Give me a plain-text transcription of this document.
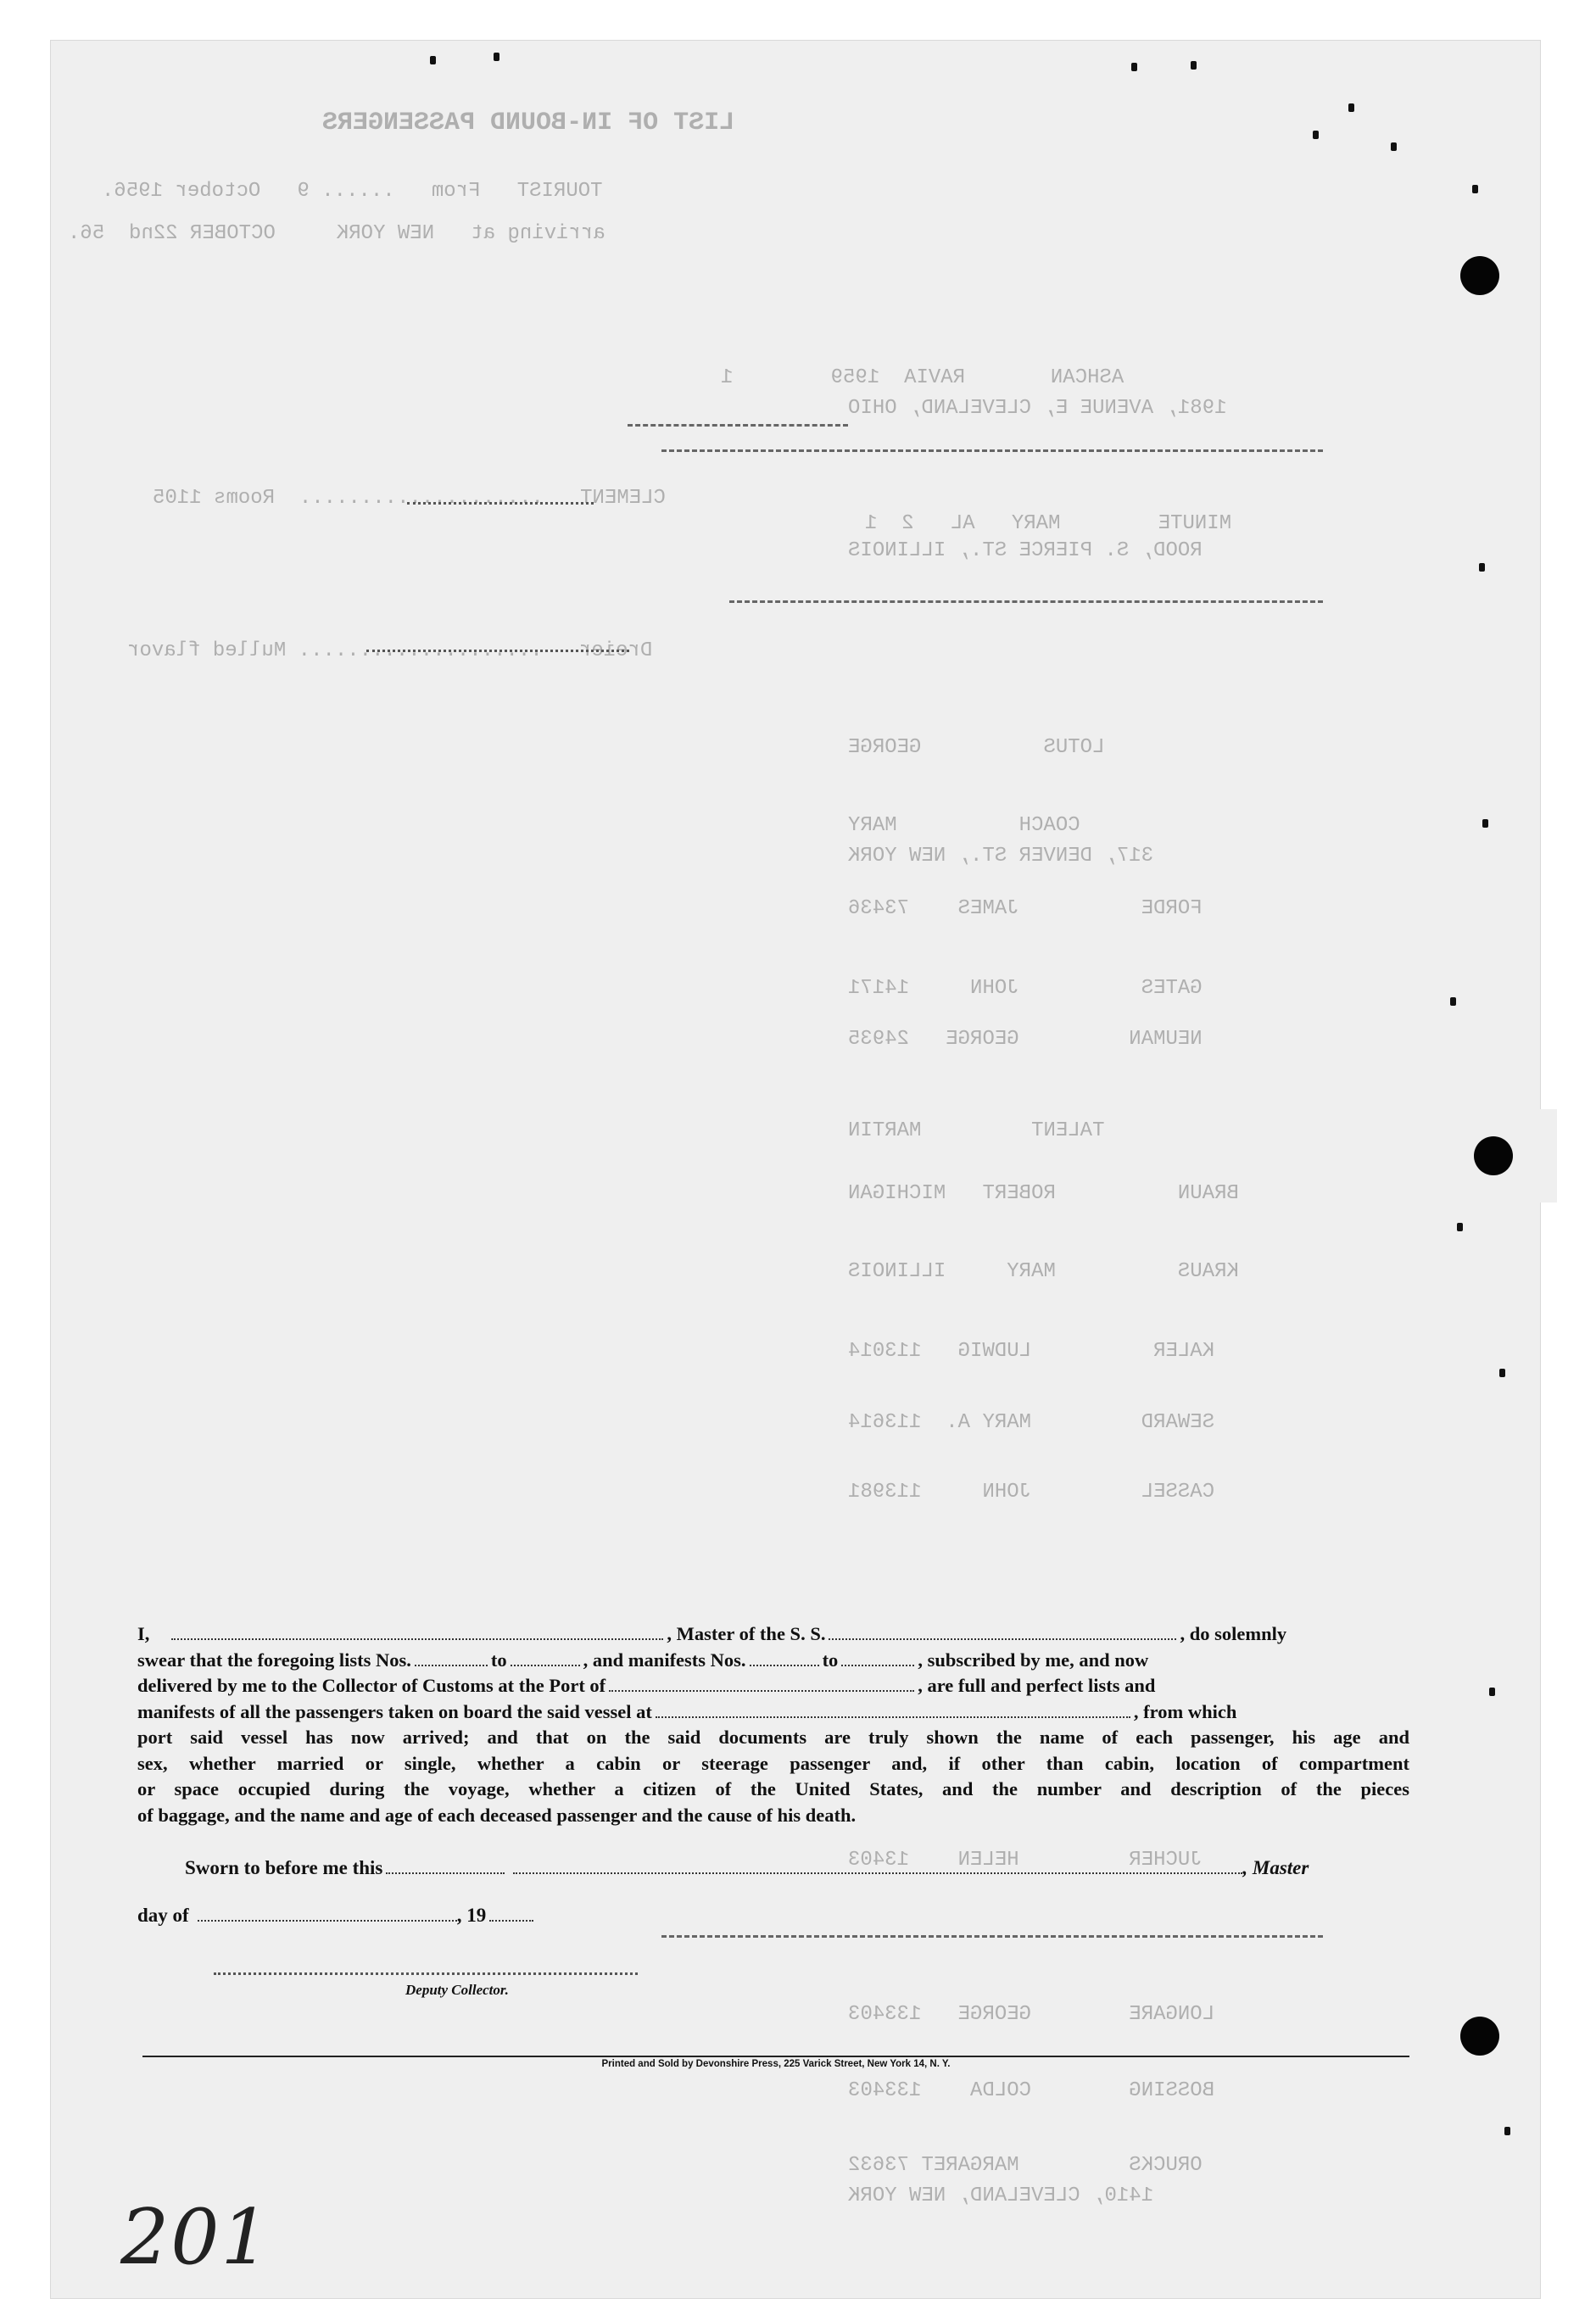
LIST OF IN-BOUND PASSENGERS
TOURIST   From   ...... 9   October 1956.
arriving at   NEW YORK     OCTOBER 22nd  56.
ASHCAN       RAVIA  1959        1
1981, AVENUE E, CLEVELAND, OHIO
CLEMENT   ....................  Rooms 1105
MINUTE        MARY   AL   2  1
ROOD, S. PIERCE ST., ILLINOIS
Dreier   .................... Mulled flavor
LOTUS          GEORGE
COACH          MARY
317, DENVER ST., NEW YORK
FORDE          JAMES    73436
GATES          JOHN     14171
NEUMAN         GEORGE   24935
TALENT         MARTIN
BRAUN          ROBERT   MICHIGAN
KRAUS          MARY     ILLINOIS
KALER          LUDWIG   113014
SEWARD         MARY A.  113614
CASSEL         JOHN     113981
JUCHER         HELEN    13403
LONGARE        GEORGE   133403
BOSSING        COLDA    133403
ORUCKS         MARGARET 73632
1410, CLEVELAND, NEW YORK
I,	, Master of the S. S.	, do solemnly
swear that the foregoing lists Nos.	to	, and manifests Nos.	to	, subscribed by me, and now
delivered by me to the Collector of Customs at the Port of	, are full and perfect lists and
manifests of all the passengers taken on board the said vessel at	, from which
port said vessel has now arrived; and that on the said documents are truly shown the name of each passenger, his age and
sex, whether married or single, whether a cabin or steerage passenger and, if other than cabin, location of compartment
or space occupied during the voyage, whether a citizen of the United States, and the number and description of the pieces
of baggage, and the name and age of each deceased passenger and the cause of his death.
Sworn to before me this	, Master
day of	, 19
Deputy Collector.
Printed and Sold by Devonshire Press, 225 Varick Street, New York 14, N. Y.
201
